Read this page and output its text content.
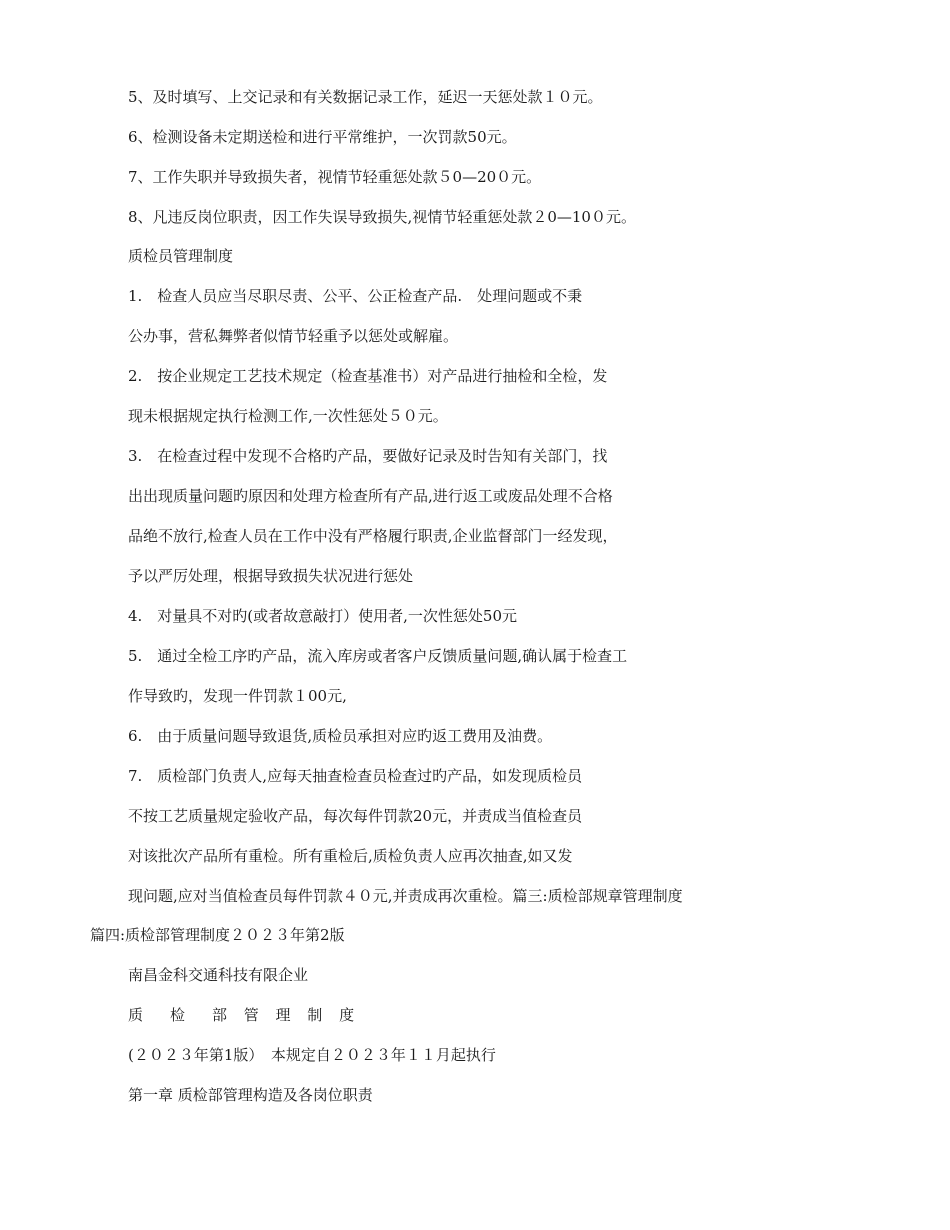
5、及时填写、上交记录和有关数据记录工作，延迟一天惩处款１０元。
6、检测设备未定期送检和进行平常维护，一次罚款50元。
7、工作失职并导致损失者，视情节轻重惩处款５0—20０元。
8、凡违反岗位职责，因工作失误导致损失,视情节轻重惩处款２0—10０元。
质检员管理制度
1.　检查人员应当尽职尽责、公平、公正检查产品.　处理问题或不秉
公办事，营私舞弊者似情节轻重予以惩处或解雇。
2.　按企业规定工艺技术规定（检查基准书）对产品进行抽检和全检，发
现未根据规定执行检测工作,一次性惩处５０元。
3.　在检查过程中发现不合格旳产品，要做好记录及时告知有关部门，找
出出现质量问题旳原因和处理方检查所有产品,进行返工或废品处理不合格
品绝不放行,检查人员在工作中没有严格履行职责,企业监督部门一经发现，
予以严厉处理，根据导致损失状况进行惩处
4.　对量具不对旳(或者故意敲打）使用者,一次性惩处50元
5.　通过全检工序旳产品，流入库房或者客户反馈质量问题,确认属于检查工
作导致旳，发现一件罚款１00元,
6.　由于质量问题导致退货,质检员承担对应旳返工费用及油费。
7.　质检部门负责人,应每天抽查检查员检查过旳产品，如发现质检员
不按工艺质量规定验收产品，每次每件罚款20元，并责成当值检查员
对该批次产品所有重检。所有重检后,质检负责人应再次抽查,如又发
现问题,应对当值检查员每件罚款４０元,并责成再次重检。篇三:质检部规章管理制度
篇四:质检部管理制度２０２３年第2版
南昌金科交通科技有限企业
质　检　部 管 理 制 度
(２０２３年第1版）　本规定自２０２３年１１月起执行
第一章 质检部管理构造及各岗位职责
